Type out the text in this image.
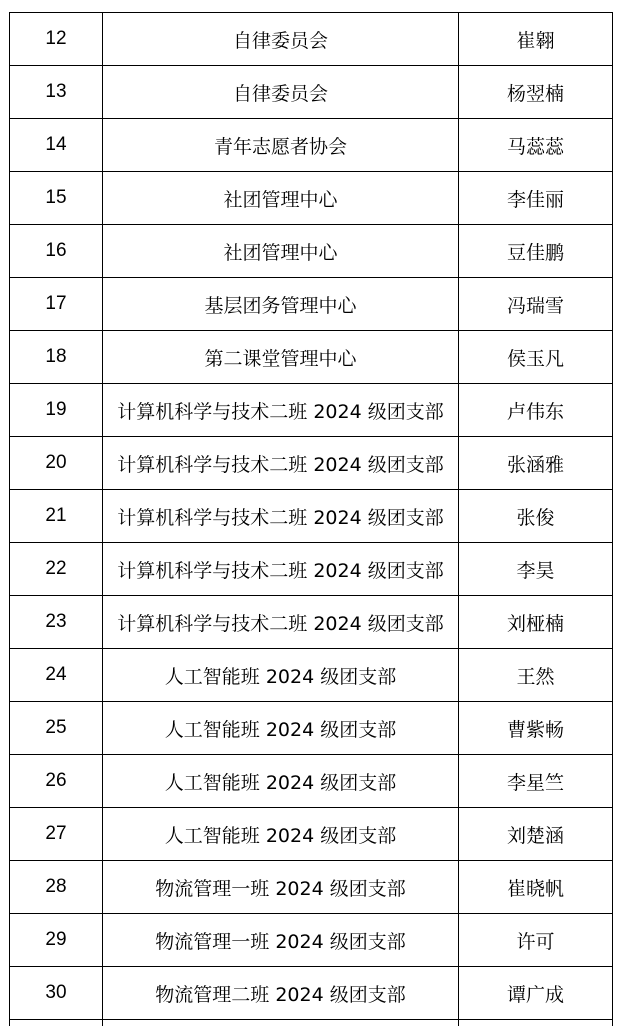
12	自律委员会	崔翱
13	自律委员会	杨翌楠
14	青年志愿者协会	马蕊蕊
15	社团管理中心	李佳丽
16	社团管理中心	豆佳鹏
17	基层团务管理中心	冯瑞雪
18	第二课堂管理中心	侯玉凡
19	计算机科学与技术二班 2024 级团支部	卢伟东
20	计算机科学与技术二班 2024 级团支部	张涵雅
21	计算机科学与技术二班 2024 级团支部	张俊
22	计算机科学与技术二班 2024 级团支部	李昊
23	计算机科学与技术二班 2024 级团支部	刘桠楠
24	人工智能班 2024 级团支部	王然
25	人工智能班 2024 级团支部	曹紫畅
26	人工智能班 2024 级团支部	李星竺
27	人工智能班 2024 级团支部	刘楚涵
28	物流管理一班 2024 级团支部	崔晓帆
29	物流管理一班 2024 级团支部	许可
30	物流管理二班 2024 级团支部	谭广成
